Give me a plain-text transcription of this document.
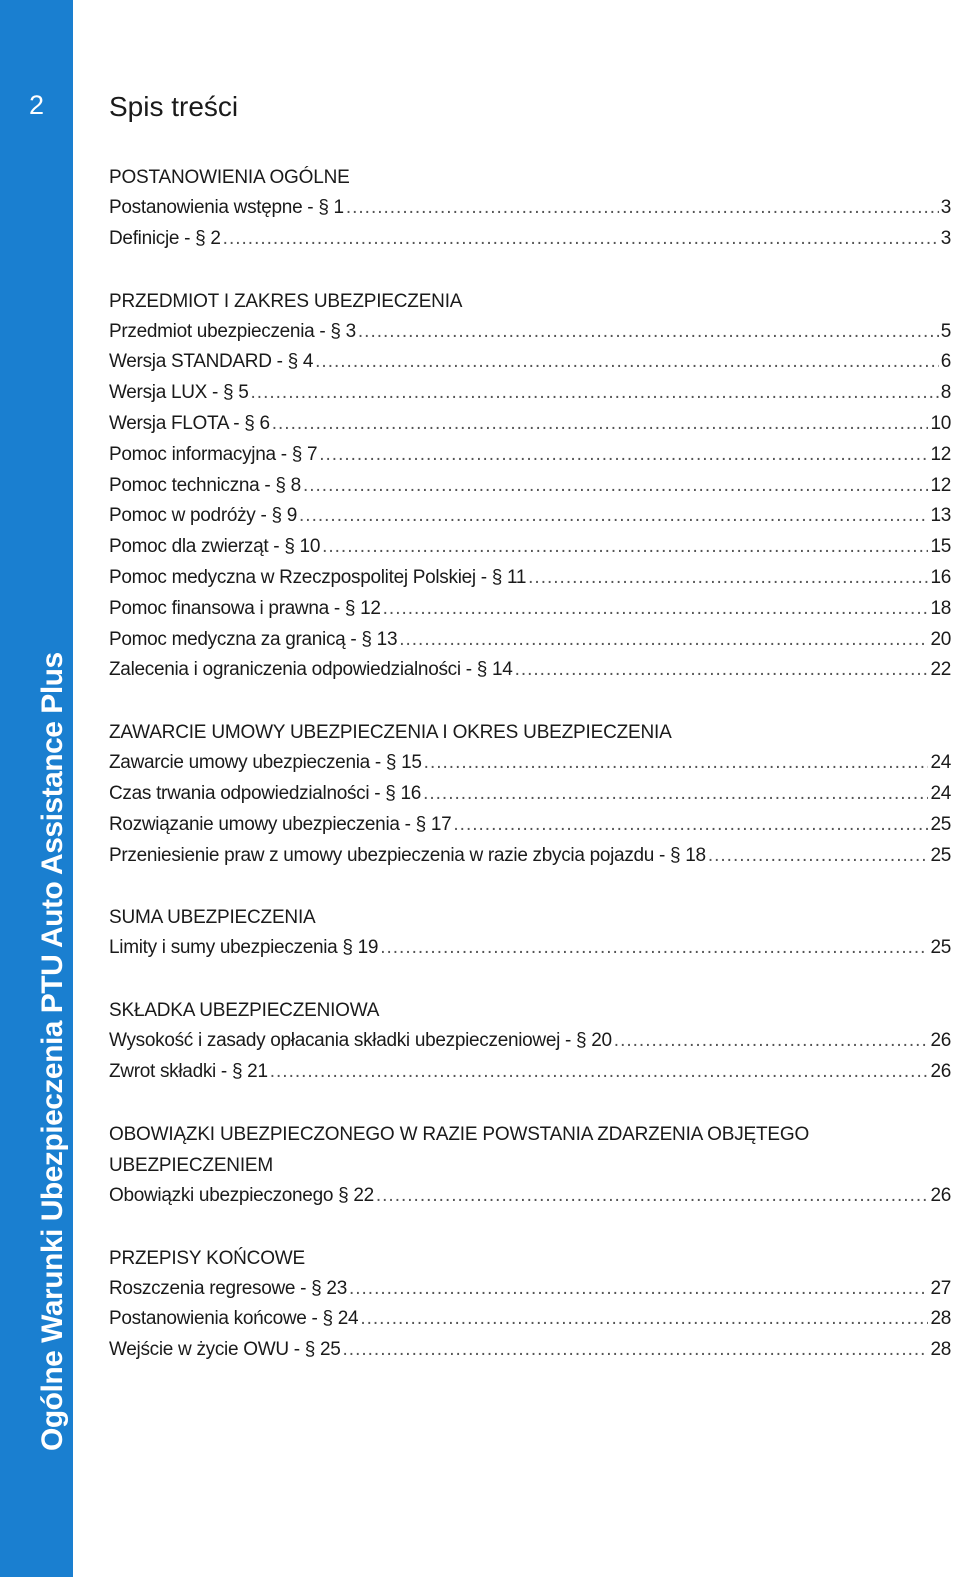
2
Ogólne Warunki Ubezpieczenia PTU Auto Assistance Plus
Spis treści
POSTANOWIENIA OGÓLNE
Postanowienia wstępne - § 1 .....	3
Definicje - § 2 .....	3
PRZEDMIOT I ZAKRES UBEZPIECZENIA
Przedmiot ubezpieczenia - § 3 .....	5
Wersja STANDARD - § 4 .....	6
Wersja LUX - § 5 .....	8
Wersja FLOTA - § 6 .....	10
Pomoc informacyjna - § 7 .....	12
Pomoc techniczna - § 8 .....	12
Pomoc w podróży - § 9 .....	13
Pomoc dla zwierząt - § 10 .....	15
Pomoc medyczna w Rzeczpospolitej Polskiej - § 11 .....	16
Pomoc finansowa i prawna - § 12 .....	18
Pomoc medyczna za granicą - § 13 .....	20
Zalecenia i ograniczenia odpowiedzialności - § 14 .....	22
ZAWARCIE UMOWY UBEZPIECZENIA I OKRES UBEZPIECZENIA
Zawarcie umowy ubezpieczenia - § 15 .....	24
Czas trwania odpowiedzialności - § 16 .....	24
Rozwiązanie umowy ubezpieczenia - § 17 .....	25
Przeniesienie praw z umowy ubezpieczenia w razie zbycia pojazdu - § 18 .....	25
SUMA UBEZPIECZENIA
Limity i sumy ubezpieczenia § 19 .....	25
SKŁADKA UBEZPIECZENIOWA
Wysokość i zasady opłacania składki ubezpieczeniowej - § 20 .....	26
Zwrot składki - § 21 .....	26
OBOWIĄZKI UBEZPIECZONEGO W RAZIE POWSTANIA ZDARZENIA OBJĘTEGO UBEZPIECZENIEM
Obowiązki ubezpieczonego § 22 .....	26
PRZEPISY KOŃCOWE
Roszczenia regresowe - § 23 .....	27
Postanowienia końcowe - § 24 .....	28
Wejście w życie OWU - § 25 .....	28
